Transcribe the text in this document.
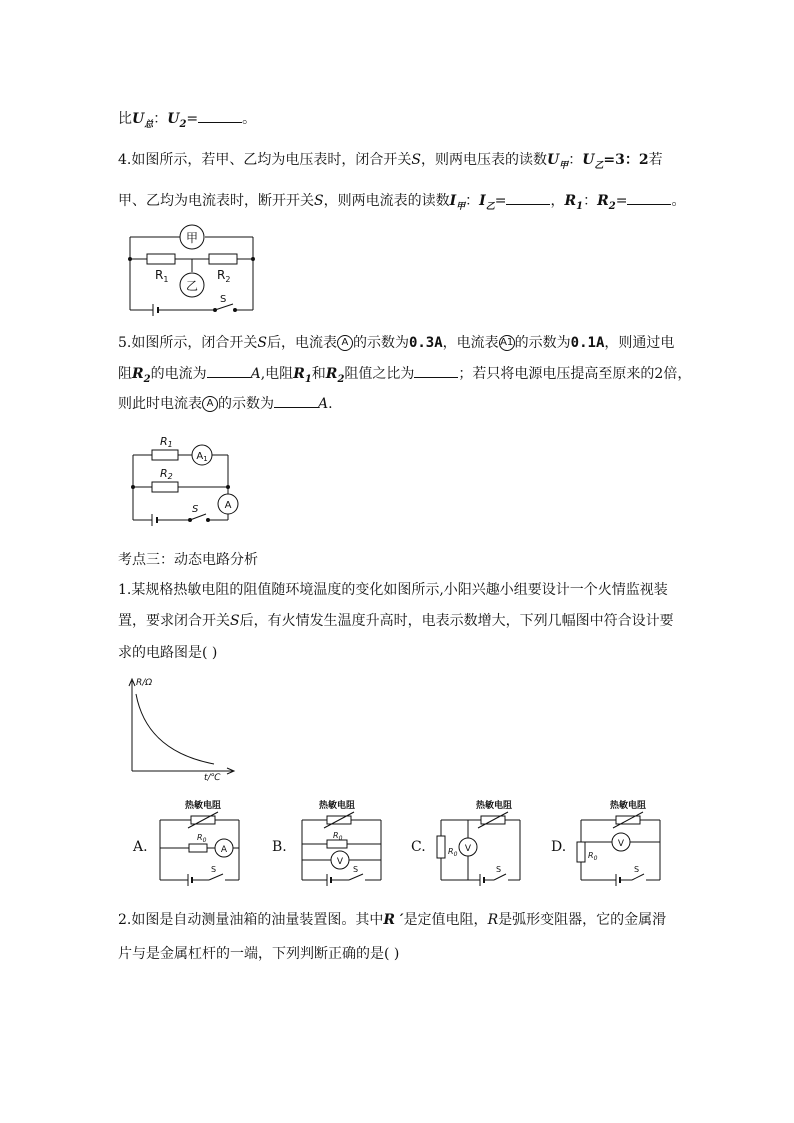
比$U_总$：$U_2=$	。
4.如图所示，若甲、乙均为电压表时，闭合开关S，则两电压表的读数$U_甲$：$U_乙=3$：2若
甲、乙均为电流表时，断开开关S，则两电流表的读数$I_甲$：$I_乙=$	，$R_1$：$R_2=$	。
甲
$R_1$	$R_2$
乙
S
5.如图所示，闭合开关S后，电流表 A 的示数为0.3A，电流表A1的示数为0.1A，则通过电
阻$R_2$的电流为	A,电阻$R_1$和$R_2$阻值之比为	；若只将电源电压提高至原来的2倍，
则此时电流表 A 的示数为	A.
R1
$A_1$
R2
A
S
考点三：动态电路分析
1.某规格热敏电阻的阻值随环境温度的变化如图所示,小阳兴趣小组要设计一个火情监视装
置，要求闭合开关S后，有火情发生温度升高时，电表示数增大，下列几幅图中符合设计要
求的电路图是( )
R/Ω
t/℃
A.
热敏电阻
$R_0$
A
S
B.
热敏电阻
$R_0$
V
S
C.
热敏电阻
$R_0$
V
S
D.
热敏电阻
$R_0$
V
S
2.如图是自动测量油箱的油量装置图。其中R ′是定值电阻，R是弧形变阻器，它的金属滑
片与是金属杠杆的一端，下列判断正确的是( )
